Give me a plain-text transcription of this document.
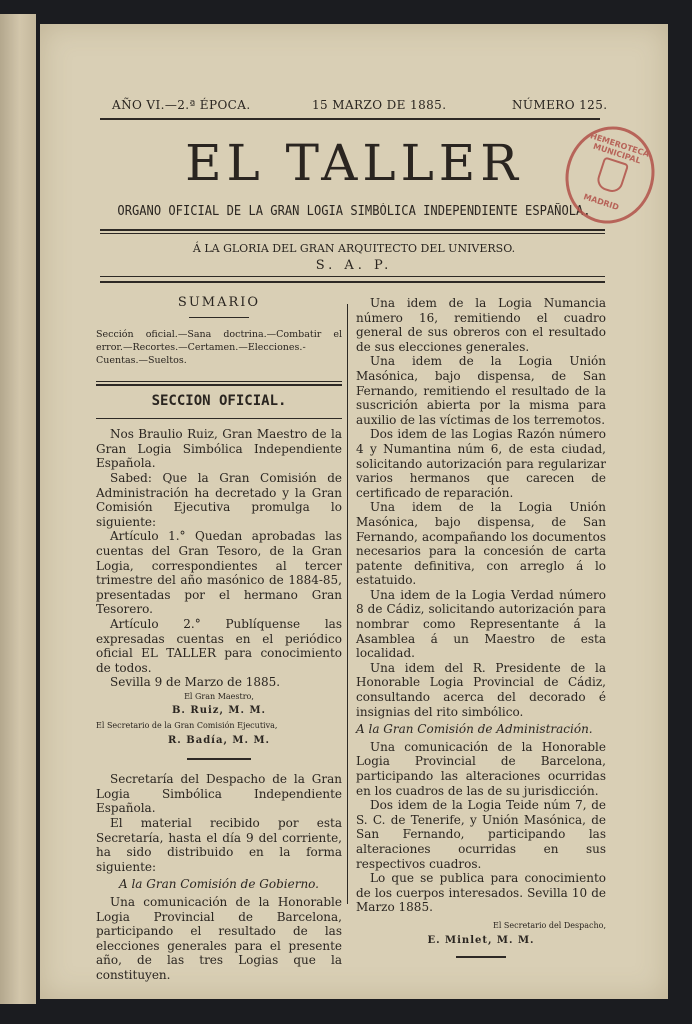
AÑO VI.—2.ª ÉPOCA.	15 MARZO DE 1885.	NÚMERO 125.
EL TALLER
ORGANO OFICIAL DE LA GRAN LOGIA SIMBÓLICA INDEPENDIENTE ESPAÑOLA.
Á LA GLORIA DEL GRAN ARQUITECTO DEL UNIVERSO.
S. A. P.
HEMEROTECA MUNICIPAL
MADRID
SUMARIO
Sección oficial.—Sana doctrina.—Combatir el error.—Recortes.—Certamen.—Elecciones.- Cuentas.—Sueltos.
SECCION OFICIAL.

Nos Braulio Ruiz, Gran Maestro de la Gran Logia Simbólica Independiente Española.

Sabed: Que la Gran Comisión de Administración ha decretado y la Gran Comisión Ejecutiva promulga lo siguiente:

Artículo 1.° Quedan aprobadas las cuentas del Gran Tesoro, de la Gran Logia, correspondientes al tercer trimestre del año masónico de 1884-85, presentadas por el hermano Gran Tesorero.

Artículo 2.° Publíquense las expresadas cuentas en el periódico oficial EL TALLER para conocimiento de todos.

Sevilla 9 de Marzo de 1885.

El Gran Maestro,

B. Ruiz, M. M.

El Secretario de la Gran Comisión Ejecutiva,

R. Badía, M. M.

Secretaría del Despacho de la Gran Logia Simbólica Independiente Española.

El material recibido por esta Secretaría, hasta el día 9 del corriente, ha sido distribuido en la forma siguiente:

A la Gran Comisión de Gobierno.

Una comunicación de la Honorable Logia Provincial de Barcelona, participando el resultado de las elecciones generales para el presente año, de las tres Logias que la constituyen.

Una idem de la Logia Numancia número 16, remitiendo el cuadro general de sus obreros con el resultado de sus elecciones generales.

Una idem de la Logia Unión Masónica, bajo dispensa, de San Fernando, remitiendo el resultado de la suscrición abierta por la misma para auxilio de las víctimas de los terremotos.

Dos idem de las Logias Razón número 4 y Numantina núm 6, de esta ciudad, solicitando autorización para regularizar varios hermanos que carecen de certificado de reparación.

Una idem de la Logia Unión Masónica, bajo dispensa, de San Fernando, acompañando los documentos necesarios para la concesión de carta patente definitiva, con arreglo á lo estatuido.

Una idem de la Logia Verdad número 8 de Cádiz, solicitando autorización para nombrar como Representante á la Asamblea á un Maestro de esta localidad.

Una idem del R. Presidente de la Honorable Logia Provincial de Cádiz, consultando acerca del decorado é insignias del rito simbólico.

A la Gran Comisión de Administración.

Una comunicación de la Honorable Logia Provincial de Barcelona, participando las alteraciones ocurridas en los cuadros de las de su jurisdicción.

Dos idem de la Logia Teide núm 7, de S. C. de Tenerife, y Unión Masónica, de San Fernando, participando las alteraciones ocurridas en sus respectivos cuadros.

Lo que se publica para conocimiento de los cuerpos interesados. Sevilla 10 de Marzo 1885.

El Secretario del Despacho,

E. Minlet, M. M.
